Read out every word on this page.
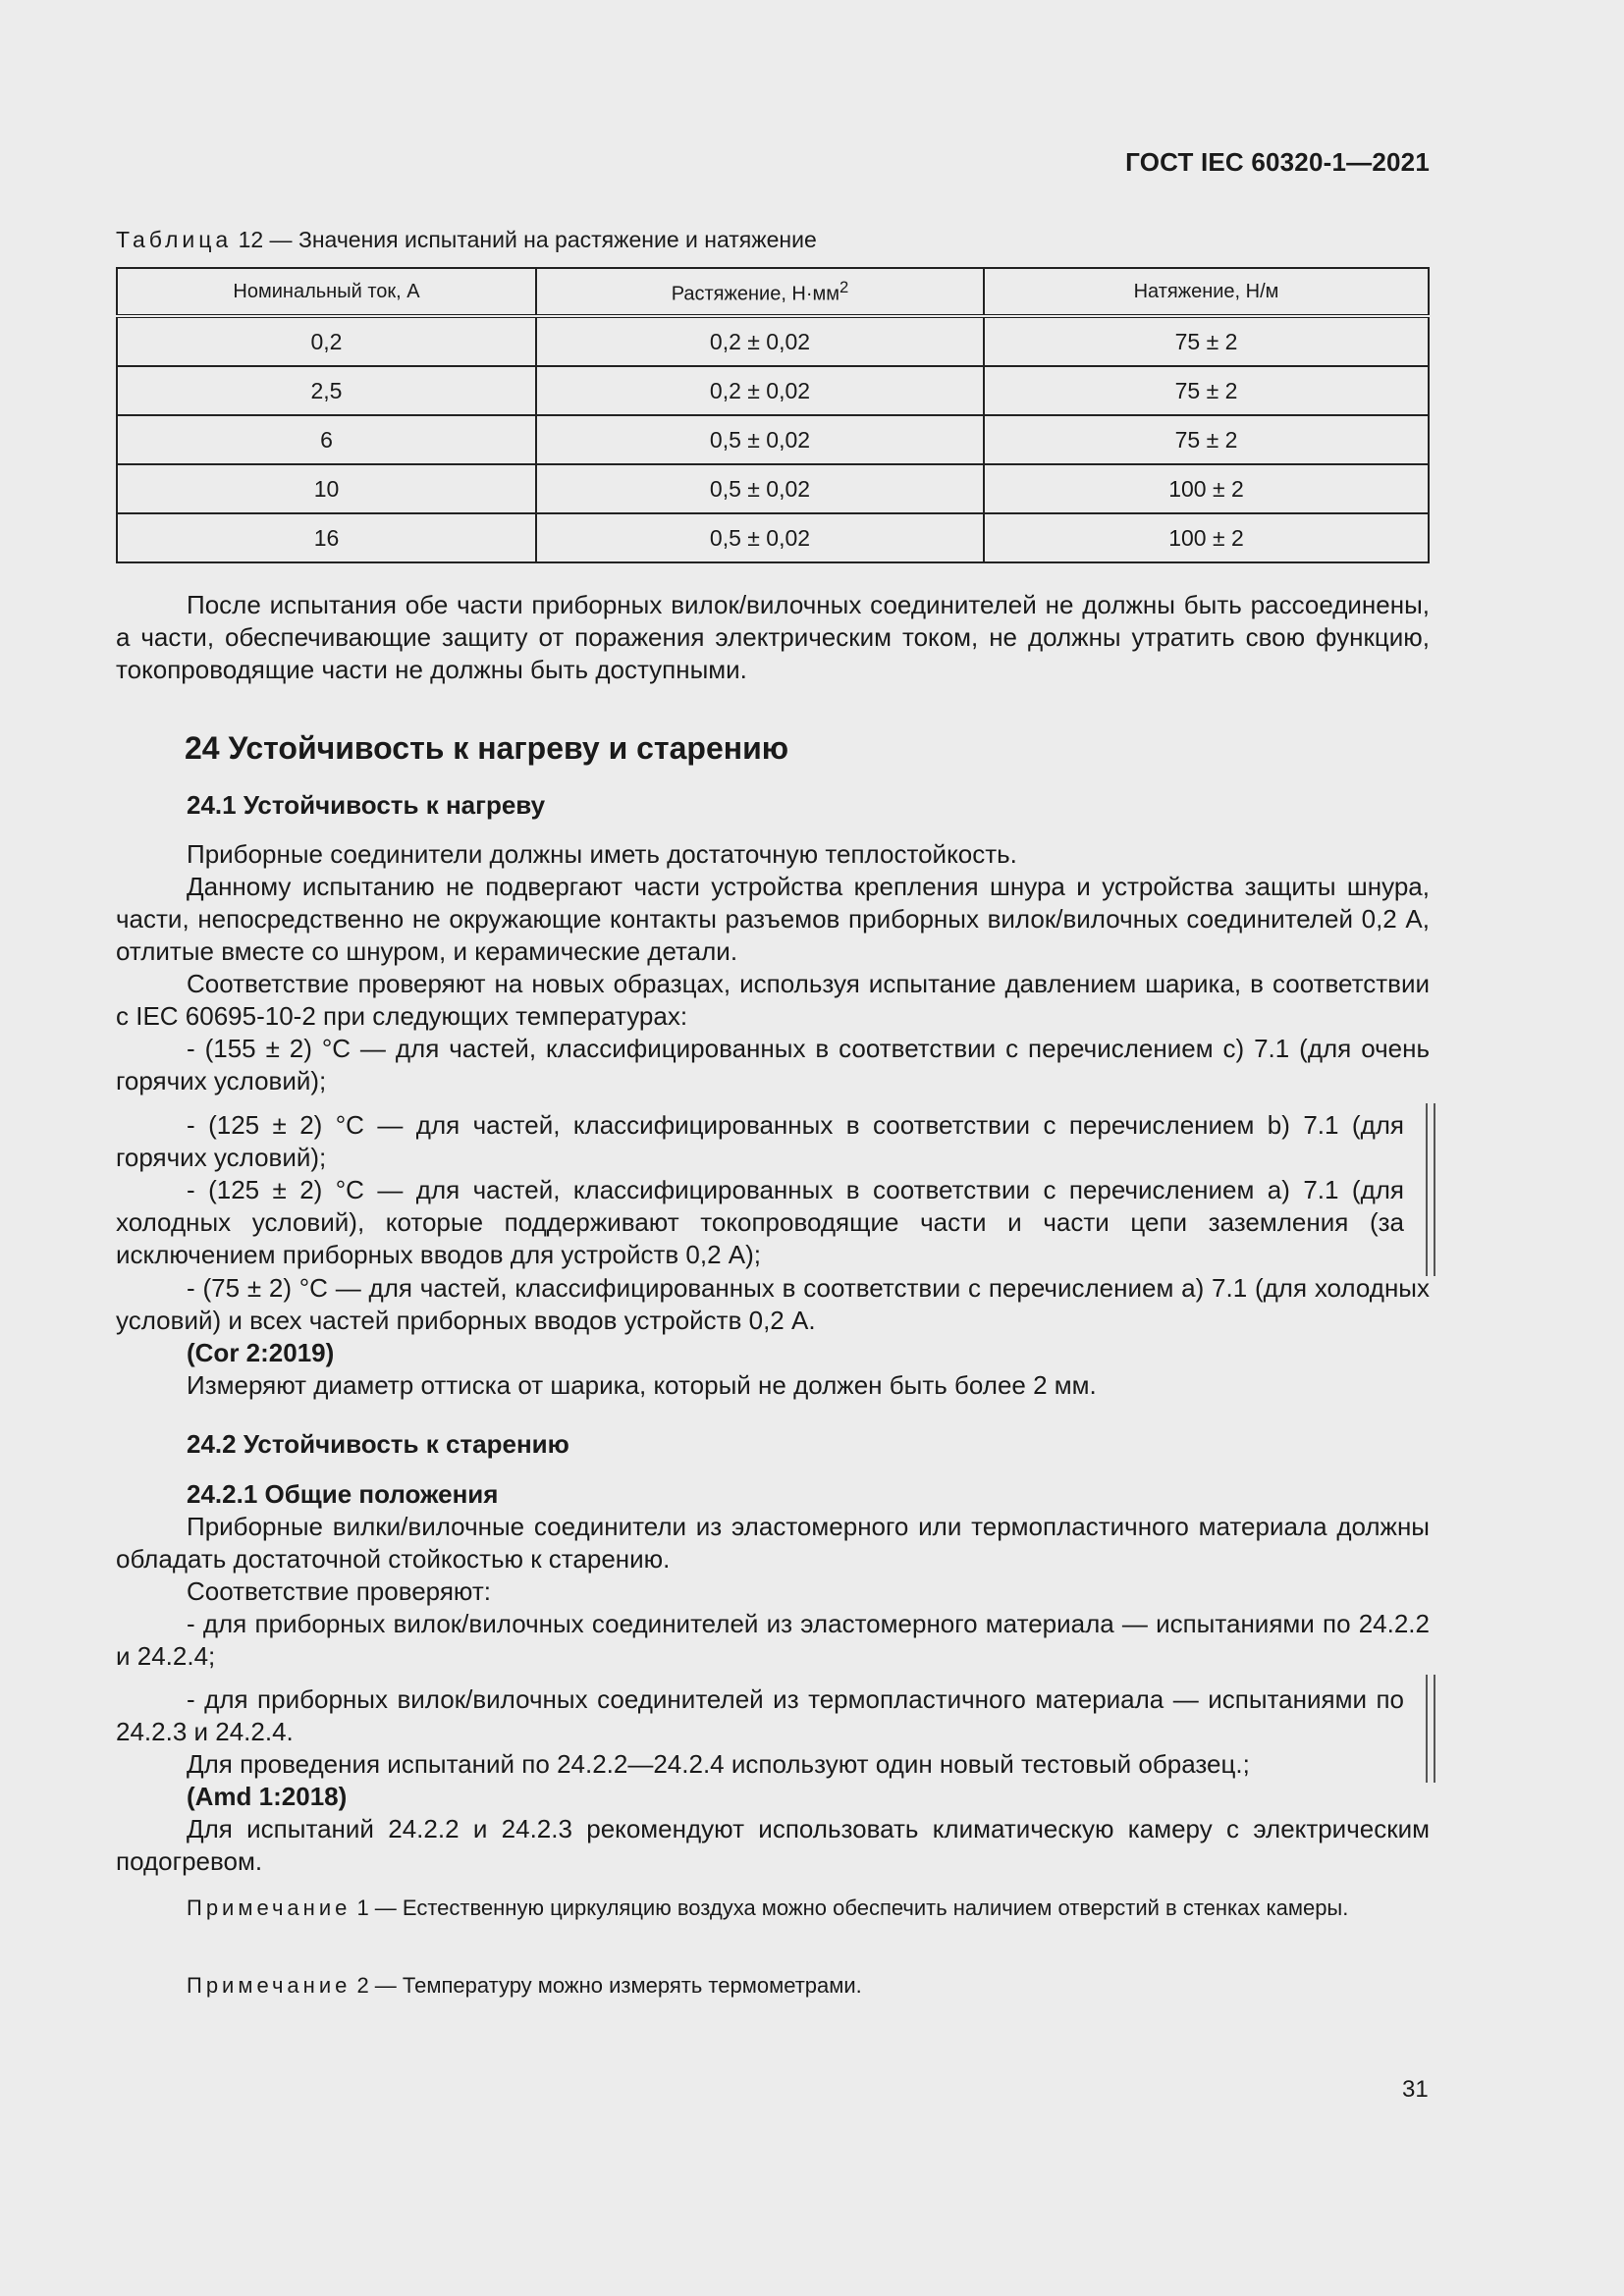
ГОСТ IEC 60320-1—2021
Таблица 12 — Значения испытаний на растяжение и натяжение
Номинальный ток, А	Растяжение, $Н\cdot мм^2$	Натяжение, Н/м
0,2	0,2 ± 0,02	75 ± 2
2,5	0,2 ± 0,02	75 ± 2
6	0,5 ± 0,02	75 ± 2
10	0,5 ± 0,02	100 ± 2
16	0,5 ± 0,02	100 ± 2

После испытания обе части приборных вилок/вилочных соединителей не должны быть рассоединены, а части, обеспечивающие защиту от поражения электрическим током, не должны утратить свою функцию, токопроводящие части не должны быть доступными.

24 Устойчивость к нагреву и старению

24.1 Устойчивость к нагреву

Приборные соединители должны иметь достаточную теплостойкость.

Данному испытанию не подвергают части устройства крепления шнура и устройства защиты шнура, части, непосредственно не окружающие контакты разъемов приборных вилок/вилочных соединителей 0,2 А, отлитые вместе со шнуром, и керамические детали.

Соответствие проверяют на новых образцах, используя испытание давлением шарика, в соответствии с IEC 60695-10-2 при следующих температурах:

- (155 ± 2) °С — для частей, классифицированных в соответствии с перечислением с) 7.1 (для очень горячих условий);

- (125 ± 2) °С — для частей, классифицированных в соответствии с перечислением b) 7.1 (для горячих условий);

- (125 ± 2) °С — для частей, классифицированных в соответствии с перечислением а) 7.1 (для холодных условий), которые поддерживают токопроводящие части и части цепи заземления (за исключением приборных вводов для устройств 0,2 А);

- (75 ± 2) °С — для частей, классифицированных в соответствии с перечислением а) 7.1 (для холодных условий) и всех частей приборных вводов устройств 0,2 А.

(Cor 2:2019)

Измеряют диаметр оттиска от шарика, который не должен быть более 2 мм.

24.2 Устойчивость к старению

24.2.1 Общие положения

Приборные вилки/вилочные соединители из эластомерного или термопластичного материала должны обладать достаточной стойкостью к старению.

Соответствие проверяют:

- для приборных вилок/вилочных соединителей из эластомерного материала — испытаниями по 24.2.2 и 24.2.4;

- для приборных вилок/вилочных соединителей из термопластичного материала — испытаниями по 24.2.3 и 24.2.4.

Для проведения испытаний по 24.2.2—24.2.4 используют один новый тестовый образец.;

(Amd 1:2018)

Для испытаний 24.2.2 и 24.2.3 рекомендуют использовать климатическую камеру с электрическим подогревом.

Примечание 1 — Естественную циркуляцию воздуха можно обеспечить наличием отверстий в стенках камеры.

Примечание 2 — Температуру можно измерять термометрами.

31
